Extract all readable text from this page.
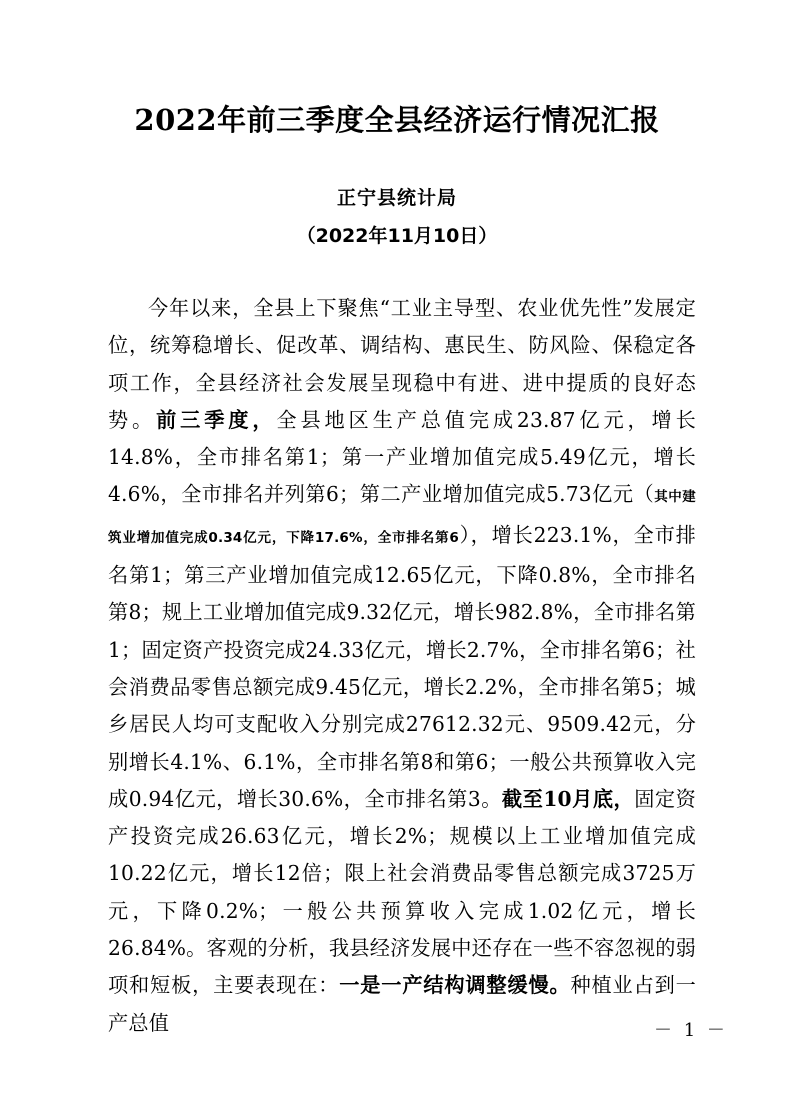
2022年前三季度全县经济运行情况汇报
正宁县统计局
（2022年11月10日）

今年以来，全县上下聚焦“工业主导型、农业优先性”发展定位，统筹稳增长、促改革、调结构、惠民生、防风险、保稳定各项工作，全县经济社会发展呈现稳中有进、进中提质的良好态势。前三季度，全县地区生产总值完成23.87亿元，增长14.8%，全市排名第1；第一产业增加值完成5.49亿元，增长4.6%，全市排名并列第6；第二产业增加值完成5.73亿元（其中建筑业增加值完成0.34亿元，下降17.6%，全市排名第6），增长223.1%，全市排名第1；第三产业增加值完成12.65亿元，下降0.8%，全市排名第8；规上工业增加值完成9.32亿元，增长982.8%，全市排名第1；固定资产投资完成24.33亿元，增长2.7%，全市排名第6；社会消费品零售总额完成9.45亿元，增长2.2%，全市排名第5；城乡居民人均可支配收入分别完成27612.32元、9509.42元，分别增长4.1%、6.1%，全市排名第8和第6；一般公共预算收入完成0.94亿元，增长30.6%，全市排名第3。截至10月底，固定资产投资完成26.63亿元，增长2%；规模以上工业增加值完成10.22亿元，增长12倍；限上社会消费品零售总额完成3725万元，下降0.2%；一般公共预算收入完成1.02亿元，增长26.84%。客观的分析，我县经济发展中还存在一些不容忽视的弱项和短板，主要表现在：一是一产结构调整缓慢。种植业占到一产总值	－ 1 －
